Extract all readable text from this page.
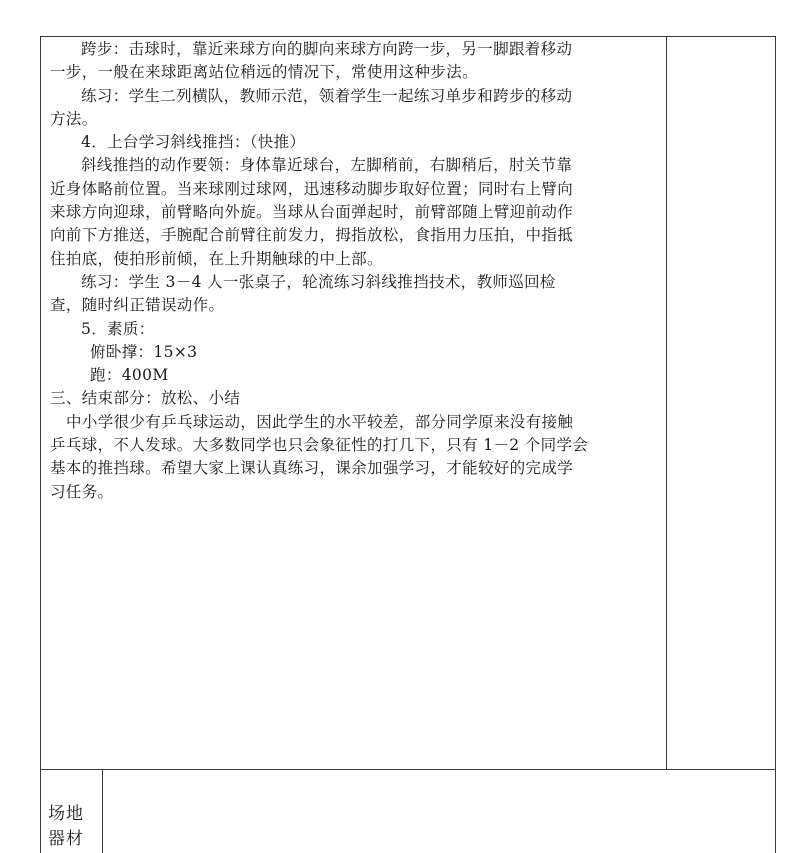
跨步：击球时，靠近来球方向的脚向来球方向跨一步，另一脚跟着移动

一步，一般在来球距离站位稍远的情况下，常使用这种步法。

练习：学生二列横队，教师示范，领着学生一起练习单步和跨步的移动

方法。

4．上台学习斜线推挡：（快推）

斜线推挡的动作要领：身体靠近球台，左脚稍前，右脚稍后，肘关节靠

近身体略前位置。当来球刚过球网，迅速移动脚步取好位置；同时右上臂向

来球方向迎球，前臂略向外旋。当球从台面弹起时，前臂部随上臂迎前动作

向前下方推送，手腕配合前臂往前发力，拇指放松，食指用力压拍，中指抵

住拍底，使拍形前倾，在上升期触球的中上部。

练习：学生 3－4 人一张桌子，轮流练习斜线推挡技术，教师巡回检

查，随时纠正错误动作。

5．素质：

俯卧撑：15×3

跑：400M

三、结束部分：放松、小结

中小学很少有乒乓球运动，因此学生的水平较差，部分同学原来没有接触

乒乓球，不人发球。大多数同学也只会象征性的打几下，只有 1－2 个同学会

基本的推挡球。希望大家上课认真练习，课余加强学习，才能较好的完成学

习任务。

场地
器材
